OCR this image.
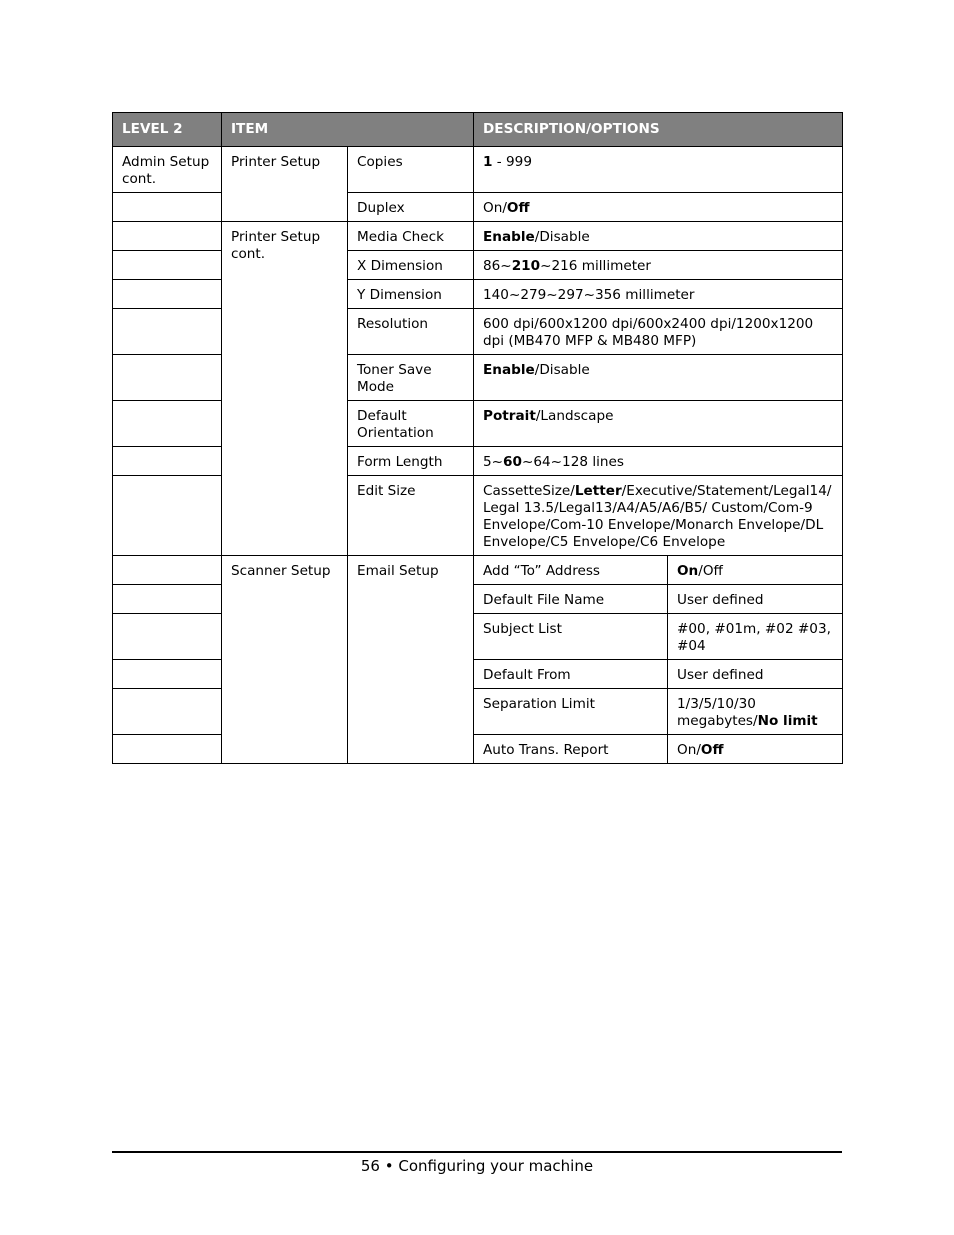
LEVEL 2	ITEM		DESCRIPTION/OPTIONS	
Admin Setup cont.	Printer Setup	Copies	1 - 999	
		Duplex	On/Off	
	Printer Setup cont.	Media Check	Enable/Disable	
		X Dimension	86~210~216 millimeter	
		Y Dimension	140~279~297~356 millimeter	
		Resolution	600 dpi/600x1200 dpi/600x2400 dpi/1200x1200 dpi (MB470 MFP & MB480 MFP)	
		Toner Save Mode	Enable/Disable	
		Default Orientation	Potrait/Landscape	
		Form Length	5~60~64~128 lines	
		Edit Size	CassetteSize/Letter/Executive/Statement/Legal14/ Legal 13.5/Legal13/A4/A5/A6/B5/ Custom/Com-9 Envelope/Com-10 Envelope/Monarch Envelope/DL Envelope/C5 Envelope/C6 Envelope	
	Scanner Setup	Email Setup	Add “To” Address	On/Off
			Default File Name	User defined
			Subject List	#00, #01m, #02 #03, #04
			Default From	User defined
			Separation Limit	1/3/5/10/30 megabytes/No limit
			Auto Trans. Report	On/Off
56 • Configuring your machine
